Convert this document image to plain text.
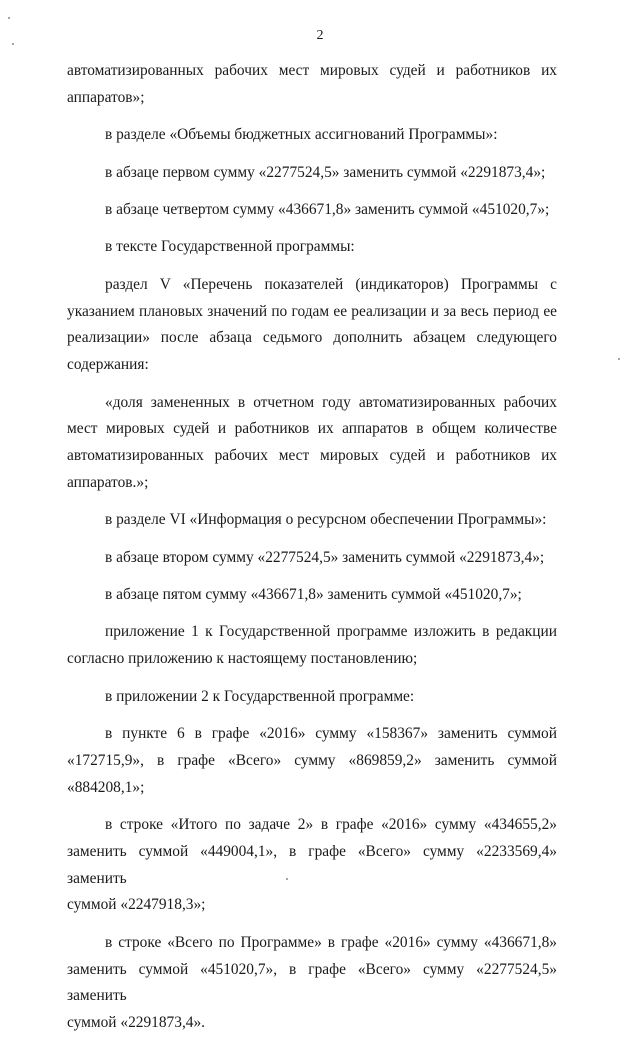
2
автоматизированных рабочих мест мировых судей и работников их
аппаратов»;
в разделе «Объемы бюджетных ассигнований Программы»:
в абзаце первом сумму «2277524,5» заменить суммой «2291873,4»;
в абзаце четвертом сумму «436671,8» заменить суммой «451020,7»;
в тексте Государственной программы:
раздел V «Перечень показателей (индикаторов) Программы с
указанием плановых значений по годам ее реализации и за весь период ее
реализации» после абзаца седьмого дополнить абзацем следующего
содержания:
«доля замененных в отчетном году автоматизированных рабочих
мест мировых судей и работников их аппаратов в общем количестве
автоматизированных рабочих мест мировых судей и работников их
аппаратов.»;
в разделе VI «Информация о ресурсном обеспечении Программы»:
в абзаце втором сумму «2277524,5» заменить суммой «2291873,4»;
в абзаце пятом сумму «436671,8» заменить суммой «451020,7»;
приложение 1 к Государственной программе изложить в редакции
согласно приложению к настоящему постановлению;
в приложении 2 к Государственной программе:
в пункте 6 в графе «2016» сумму «158367» заменить суммой
«172715,9», в графе «Всего» сумму «869859,2» заменить суммой
«884208,1»;
в строке «Итого по задаче 2» в графе «2016» сумму «434655,2»
заменить суммой «449004,1», в графе «Всего» сумму «2233569,4» заменить
суммой «2247918,3»;
в строке «Всего по Программе» в графе «2016» сумму «436671,8»
заменить суммой «451020,7», в графе «Всего» сумму «2277524,5» заменить
суммой «2291873,4».
